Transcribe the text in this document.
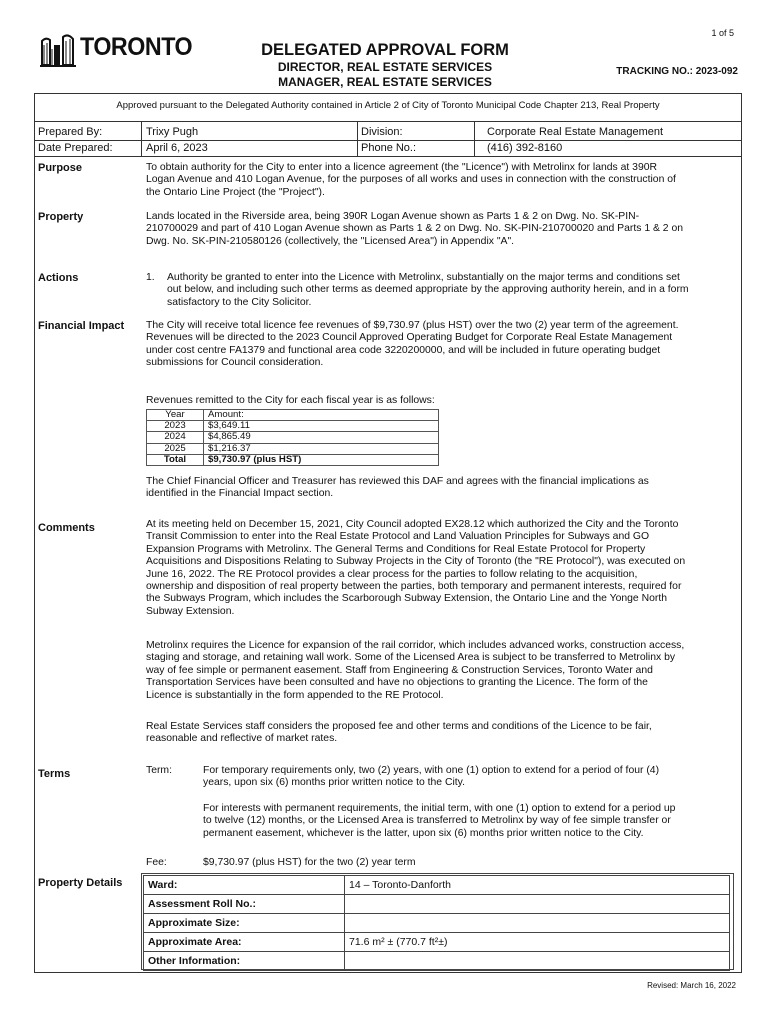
TORONTO	1 of 5
DELEGATED APPROVAL FORM
DIRECTOR, REAL ESTATE SERVICES
MANAGER, REAL ESTATE SERVICES
TRACKING NO.: 2023-092
Approved pursuant to the Delegated Authority contained in Article 2 of City of Toronto Municipal Code Chapter 213, Real Property
Prepared By:	Trixy Pugh	Division:	Corporate Real Estate Management
Date Prepared:	April 6, 2023	Phone No.:	(416) 392-8160
Purpose	To obtain authority for the City to enter into a licence agreement (the "Licence") with Metrolinx for lands at 390R
Logan Avenue and 410 Logan Avenue, for the purposes of all works and uses in connection with the construction of
the Ontario Line Project (the "Project").
Property	Lands located in the Riverside area, being 390R Logan Avenue shown as Parts 1 & 2 on Dwg. No. SK-PIN-
210700029 and part of 410 Logan Avenue shown as Parts 1 & 2 on Dwg. No. SK-PIN-210700020 and Parts 1 & 2 on
Dwg. No. SK-PIN-210580126 (collectively, the "Licensed Area") in Appendix "A".
Actions	1.	Authority be granted to enter into the Licence with Metrolinx, substantially on the major terms and conditions set
out below, and including such other terms as deemed appropriate by the approving authority herein, and in a form
satisfactory to the City Solicitor.
Financial Impact The City will receive total licence fee revenues of $9,730.97 (plus HST) over the two (2) year term of the agreement.
Revenues will be directed to the 2023 Council Approved Operating Budget for Corporate Real Estate Management
under cost centre FA1379 and functional area code 3220200000, and will be included in future operating budget
submissions for Council consideration.
Revenues remitted to the City for each fiscal year is as follows:
Year	Amount:
2023	$3,649.11
2024	$4,865.49
2025	$1,216.37
Total	$9,730.97 (plus HST)
The Chief Financial Officer and Treasurer has reviewed this DAF and agrees with the financial implications as
identified in the Financial Impact section.
Comments	At its meeting held on December 15, 2021, City Council adopted EX28.12 which authorized the City and the Toronto
Transit Commission to enter into the Real Estate Protocol and Land Valuation Principles for Subways and GO
Expansion Programs with Metrolinx. The General Terms and Conditions for Real Estate Protocol for Property
Acquisitions and Dispositions Relating to Subway Projects in the City of Toronto (the "RE Protocol"), was executed on
June 16, 2022. The RE Protocol provides a clear process for the parties to follow relating to the acquisition,
ownership and disposition of real property between the parties, both temporary and permanent interests, required for
the Subways Program, which includes the Scarborough Subway Extension, the Ontario Line and the Yonge North
Subway Extension.
Metrolinx requires the Licence for expansion of the rail corridor, which includes advanced works, construction access,
staging and storage, and retaining wall work. Some of the Licensed Area is subject to be transferred to Metrolinx by
way of fee simple or permanent easement. Staff from Engineering & Construction Services, Toronto Water and
Transportation Services have been consulted and have no objections to granting the Licence. The form of the
Licence is substantially in the form appended to the RE Protocol.
Real Estate Services staff considers the proposed fee and other terms and conditions of the Licence to be fair,
reasonable and reflective of market rates.
Terms	Term:	For temporary requirements only, two (2) years, with one (1) option to extend for a period of four (4)
years, upon six (6) months prior written notice to the City.
For interests with permanent requirements, the initial term, with one (1) option to extend for a period up
to twelve (12) months, or the Licensed Area is transferred to Metrolinx by way of fee simple transfer or
permanent easement, whichever is the latter, upon six (6) months prior written notice to the City.
Fee:	$9,730.97 (plus HST) for the two (2) year term
Property Details Ward:	14 – Toronto-Danforth
Assessment Roll No.:	
Approximate Size:	
Approximate Area:	71.6 m² ± (770.7 ft²±)
Other Information:	
Revised: March 16, 2022
